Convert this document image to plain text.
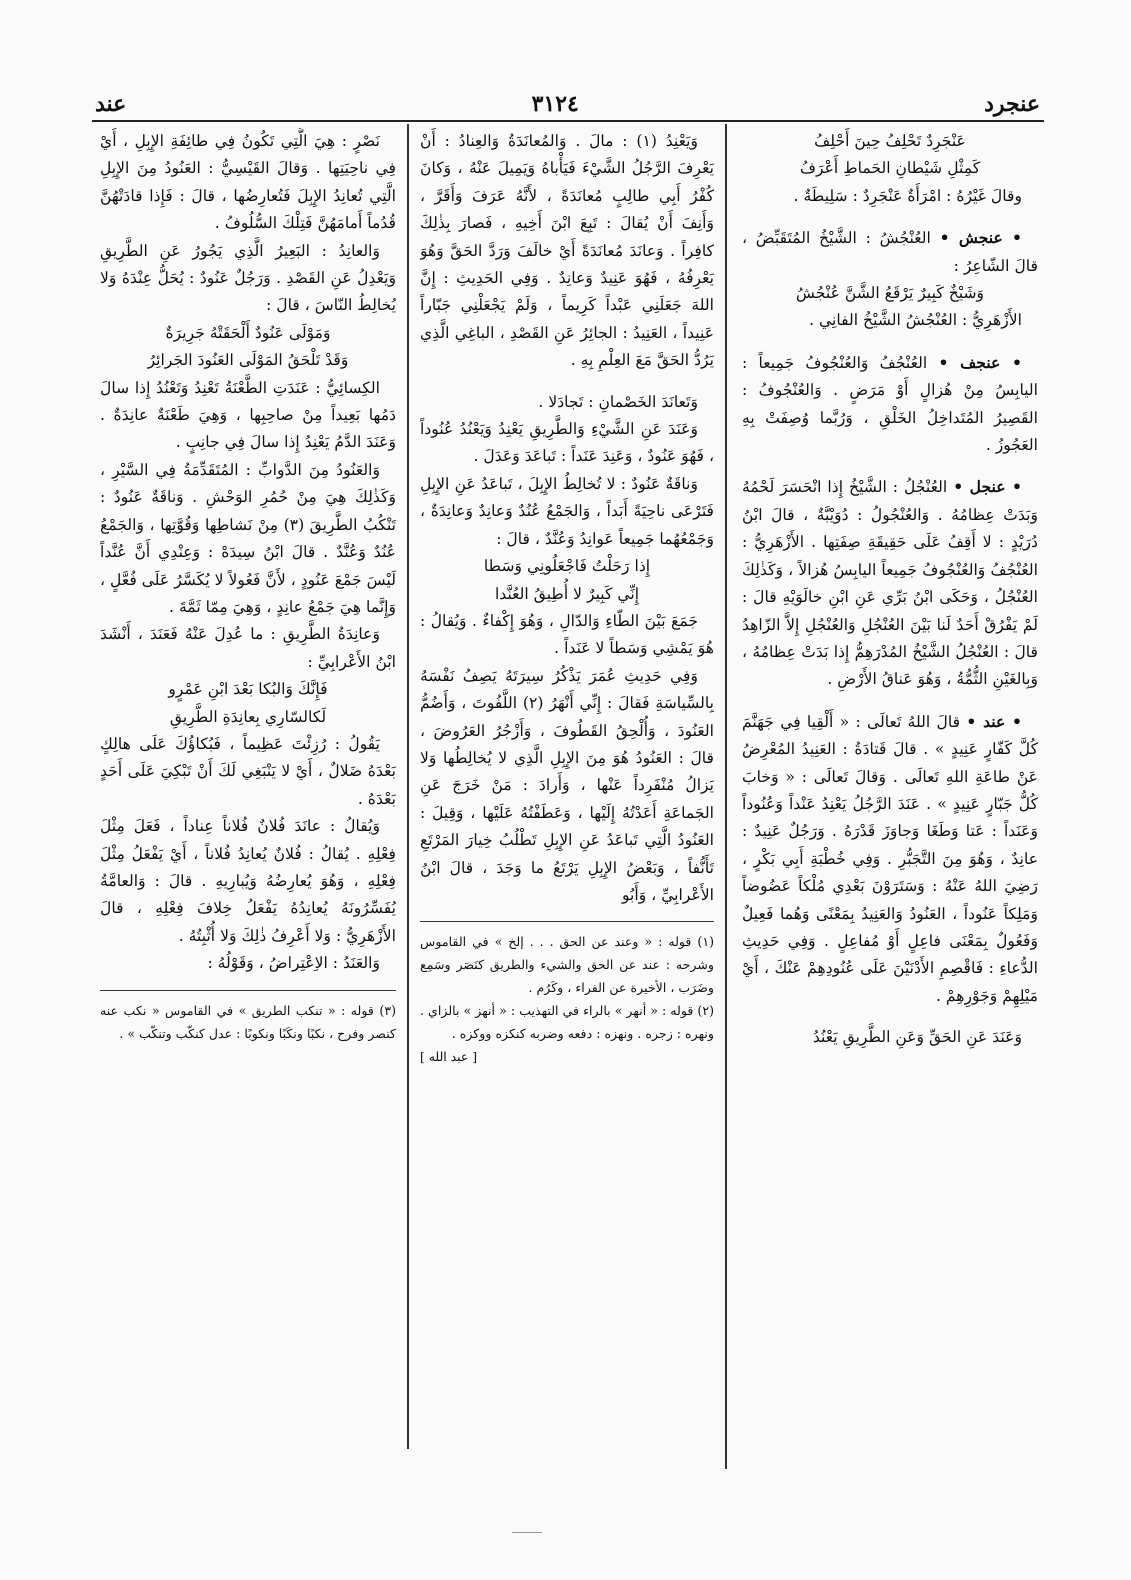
عنجرد
٣١٢٤
عند

عَنْجَرِدٌ تَحْلِفُ حِينَ أَحْلِفُ

كَمِثْلِ شَيْطانِ الحَماطِ أَعْرَفُ

وقالَ غَيْرُهُ : امْرَأَةٌ عَنْجَرِدٌ : سَلِيطَةٌ .

• عنجش • العُنْجُشُ : الشَّيْخُ المُتَقَبِّضُ ، قالَ الشّاعِرُ :

وَشَيْخٌ كَبِيرٌ يَرْقَعُ الشَّنَّ عُنْجُشُ

الأَزْهَرِيُّ : العُنْجُشُ الشَّيْخُ الفانِي .

• عنجف • العُنْجُفُ وَالعُنْجُوفُ جَمِيعاً : اليابِسُ مِنْ هُزالٍ أَوْ مَرَضٍ . وَالعُنْجُوفُ : القَصِيرُ المُتَداخِلُ الخَلْقِ ، وَرُبَّما وُصِفَتْ بِهِ العَجُوزُ .

• عنجل • العُنْجُلُ : الشَّيْخُ إِذا انْحَسَرَ لَحْمُهُ وَبَدَتْ عِظامُهُ . وَالعُنْجُولُ : دُوَيْبَّةٌ ، قالَ ابْنُ دُرَيْدٍ : لا أَقِفُ عَلَى حَقِيقَةِ صِفَتِها . الأَزْهَرِيُّ : العُنْجُفُ وَالعُنْجُوفُ جَمِيعاً اليابِسُ هُزالاً ، وَكَذٰلِكَ العُنْجُلُ ، وَحَكَى ابْنُ بَرِّي عَنِ ابْنِ خالَوَيْهِ قالَ : لَمْ يَفْرُقْ أَحَدٌ لَنا بَيْنَ العُنْجُلِ وَالعُنْجُلِ إِلاَّ الزّاهِدُ قالَ : العُنْجُلُ الشَّيْخُ المُدْرَهِمُّ إِذا بَدَتْ عِظامُهُ ، وَبِالغَيْنِ الثُّمُّةُ ، وَهُوَ عَناقُ الأَرْضِ .

• عند • قالَ اللهُ تَعالَى : « أَلْقِيا فِي جَهَنَّمَ كُلَّ كَفّارٍ عَنِيدٍ » . قالَ قَتادَةُ : العَنِيدُ المُعْرِضُ عَنْ طاعَةِ اللهِ تَعالَى . وَقالَ تَعالَى : « وَخابَ كُلُّ جَبّارٍ عَنِيدٍ » . عَنَدَ الرَّجُلُ يَعْنِدُ عَنْداً وَعُنُوداً وَعَنَداً : عَتا وَطَغَا وَجاوَزَ قَدْرَهُ . وَرَجُلٌ عَنِيدٌ : عانِدٌ ، وَهُوَ مِنَ التَّجَبُّرِ . وَفِي خُطْبَةِ أَبِي بَكْرٍ ، رَضِيَ اللهُ عَنْهُ : وَسَتَرَوْنَ بَعْدِي مُلْكاً عَضُوضاً وَمَلِكاً عَنُوداً ، العَنُودُ وَالعَنِيدُ بِمَعْنًى وَهُما فَعِيلٌ وَفَعُولٌ بِمَعْنَى فاعِلٍ أَوْ مُفاعِلٍ . وَفِي حَدِيثِ الدُّعاءِ : فَاقْصِمِ الأَدْنَيْنَ عَلَى عُنُودِهِمْ عَنْكَ ، أَيْ مَيْلِهِمْ وَجَوْرِهِمْ .

وَعَنَدَ عَنِ الحَقِّ وَعَنِ الطَّرِيقِ يَعْنُدُ

وَيَعْنِدُ (١) : مالَ . وَالمُعانَدَةُ وَالعِنادُ : أَنْ يَعْرِفَ الرَّجُلُ الشَّيْءَ فَيَأْباهُ وَيَمِيلَ عَنْهُ ، وَكانَ كُفْرُ أَبِي طالِبٍ مُعانَدَةً ، لأَنَّهُ عَرَفَ وَأَقَرَّ ، وَأَنِفَ أَنْ يُقالَ : تَبِعَ ابْنَ أَخِيهِ ، فَصارَ بِذٰلِكَ كافِراً . وَعانَدَ مُعانَدَةً أَيْ خالَفَ وَرَدَّ الحَقَّ وَهُوَ يَعْرِفُهُ ، فَهُوَ عَنِيدٌ وَعانِدٌ . وَفِي الحَدِيثِ : إِنَّ اللهَ جَعَلَنِي عَبْداً كَرِيماً ، وَلَمْ يَجْعَلْنِي جَبّاراً عَنِيداً ، العَنِيدُ : الجائِرُ عَنِ القَصْدِ ، الباغِي الَّذِي يَرُدُّ الحَقَّ مَعَ العِلْمِ بِهِ .

وَتَعانَدَ الخَصْمانِ : تَجادَلا .

وَعَنَدَ عَنِ الشَّيْءِ وَالطَّرِيقِ يَعْنِدُ وَيَعْنُدُ عُنُوداً ، فَهُوَ عَنُودٌ ، وَعَنِدَ عَنَداً : تَباعَدَ وَعَدَلَ .

وَناقَةٌ عَنُودٌ : لا تُخالِطُ الإِبِلَ ، تَباعَدُ عَنِ الإِبِلِ فَتَرْعَى ناحِيَةً أَبَداً ، وَالجَمْعُ عُنُدٌ وَعانِدٌ وَعانِدَةٌ ، وَجَمْعُهُما جَمِيعاً عَوانِدُ وَعُنَّدٌ ، قالَ :

إِذا رَحَلْتُ فَاجْعَلُونِي وَسَطا

إِنِّي كَبِيرٌ لا أُطِيقُ العُنَّدا

جَمَعَ بَيْنَ الطّاءِ وَالدّالِ ، وَهُوَ إِكْفاءٌ . وَيُقالُ : هُوَ يَمْشِي وَسَطاً لا عَنَداً .

وَفِي حَدِيثِ عُمَرَ يَذْكُرُ سِيرَتَهُ يَصِفُ نَفْسَهُ بِالسِّياسَةِ فَقالَ : إِنِّي أَنْهَرُ (٢) اللَّفُوتَ ، وَأَضُمُّ العَنُودَ ، وَأُلْحِقُ القَطُوفَ ، وَأَزْجُرُ العَرُوضَ ، قالَ : العَنُودُ هُوَ مِنَ الإِبِلِ الَّذِي لا يُخالِطُها وَلا يَزالُ مُنْفَرِداً عَنْها ، وَأَرادَ : مَنْ خَرَجَ عَنِ الجَماعَةِ أَعَدْتُهُ إِلَيْها ، وَعَطَفْتُهُ عَلَيْها ، وَقِيلَ : العَنُودُ الَّتِي تَباعَدُ عَنِ الإِبِلِ تَطْلُبُ خِيارَ المَرْتَعِ تَأَنُّفاً ، وَبَعْضُ الإِبِلِ يَرْتَعُ ما وَجَدَ ، قالَ ابْنُ الأَعْرابِيِّ ، وَأَبُو

(١) قوله : « وعند عن الحق . . . إلخ » في القاموس وشرحه : عند عن الحق والشيء والطريق كنَصَر وسَمِع وضَرَب ، الأخيرة عن الفراء ، وكَرُم .

(٢) قوله : « أنهر » بالراء في التهذيب : « أنهز » بالزاي . ونهره : زجره . ونهزه : دفعه وضربه كنكزه ووكزه .

[ عبد الله ]

نَصْرٍ : هِيَ الَّتِي تَكُونُ فِي طائِفَةِ الإِبِلِ ، أَيْ فِي ناحِيَتِها . وَقالَ القَيْسِيُّ : العَنُودُ مِنَ الإِبِلِ الَّتِي تُعانِدُ الإِبِلَ فَتُعارِضُها ، قالَ : فَإِذا قادَتْهُنَّ قُدُماً أَمامَهُنَّ فَتِلْكَ السُّلُوفُ .

وَالعانِدُ : البَعِيرُ الَّذِي يَجُورُ عَنِ الطَّرِيقِ وَيَعْدِلُ عَنِ القَصْدِ . وَرَجُلٌ عَنُودٌ : يُحَلُّ عِنْدَهُ وَلا يُخالِطُ النّاسَ ، قالَ :

وَمَوْلَى عَنُودٌ أَلْحَقَتْهُ جَرِيرَةٌ

وَقَدْ تَلْحَقُ المَوْلَى العَنُودَ الجَرائِرُ

الكِسائِيُّ : عَنَدَتِ الطَّعْنَةُ تَعْنِدُ وَتَعْنُدُ إِذا سالَ دَمُها بَعِيداً مِنْ صاحِبِها ، وَهِيَ طَعْنَةٌ عانِدَةٌ . وَعَنَدَ الدَّمُ يَعْنِدُ إِذا سالَ فِي جانِبٍ .

وَالعَنُودُ مِنَ الدَّوابِّ : المُتَقَدِّمَةُ فِي السَّيْرِ ، وَكَذٰلِكَ هِيَ مِنْ حُمُرِ الوَحْشِ . وَناقَةٌ عَنُودٌ : تَنْكُبُ الطَّرِيقَ (٣) مِنْ نَشاطِها وَقُوَّتِها ، وَالجَمْعُ عُنُدٌ وَعُنَّدٌ . قالَ ابْنُ سِيدَهْ : وَعِنْدِي أَنَّ عُنَّداً لَيْسَ جَمْعَ عَنُودٍ ، لأَنَّ فَعُولاً لا يُكَسَّرُ عَلَى فُعَّلٍ ، وَإِنَّما هِيَ جَمْعُ عانِدٍ ، وَهِيَ مِمّا ثَمَّةَ .

وَعانِدَةُ الطَّرِيقِ : ما عُدِلَ عَنْهُ فَعَنَدَ ، أَنْشَدَ ابْنُ الأَعْرابِيِّ :

فَإِنَّكَ وَالبُكا بَعْدَ ابْنِ عَمْرٍو

لَكالسّارِي بِعانِدَةِ الطَّرِيقِ

يَقُولُ : رُزِئْتَ عَظِيماً ، فَبُكاؤُكَ عَلَى هالِكٍ بَعْدَهُ ضَلالٌ ، أَيْ لا يَنْبَغِي لَكَ أَنْ تَبْكِيَ عَلَى أَحَدٍ بَعْدَهُ .

وَيُقالُ : عانَدَ فُلانٌ فُلاناً عِناداً ، فَعَلَ مِثْلَ فِعْلِهِ . يُقالُ : فُلانٌ يُعانِدُ فُلاناً ، أَيْ يَفْعَلُ مِثْلَ فِعْلِهِ ، وَهُوَ يُعارِضُهُ وَيُبارِيهِ . قالَ : وَالعامَّةُ يُفَسِّرُونَهُ يُعانِدُهُ يَفْعَلُ خِلافَ فِعْلِهِ ، قالَ الأَزْهَرِيُّ : وَلا أَعْرِفُ ذٰلِكَ وَلا أُثْبِتُهُ .

وَالعَنَدُ : الاِعْتِراضُ ، وَقَوْلُهُ :

(٣) قوله : « تنكب الطريق » في القاموس « نكب عنه كنصر وفرح ، نكبًا ونكَبًا ونكوبًا : عدل كنكّب وتنكّب » .
